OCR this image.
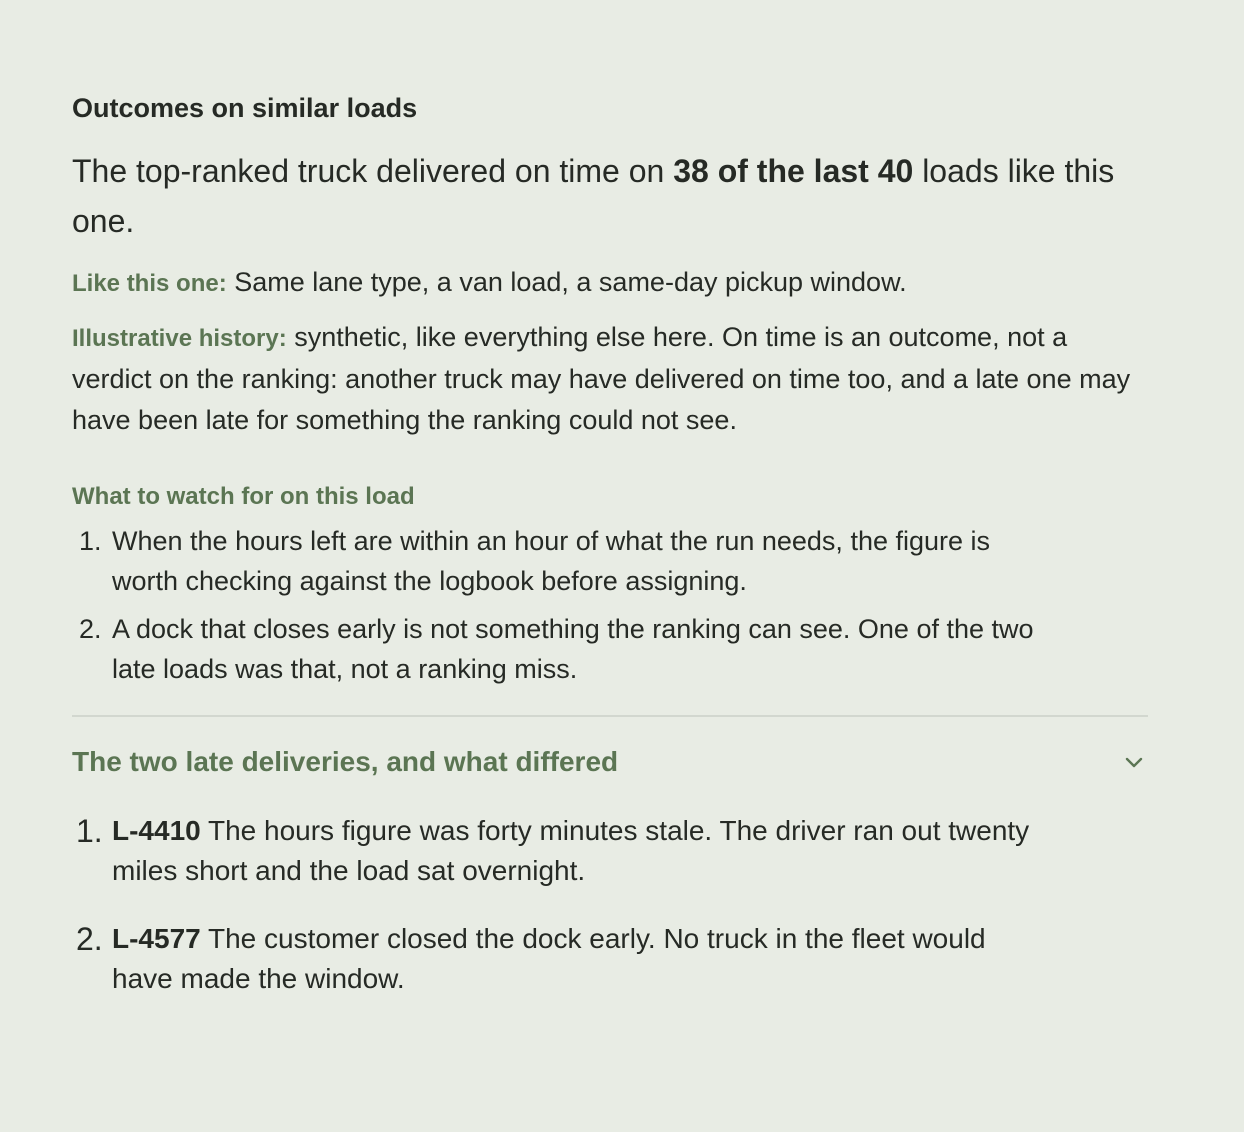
Outcomes on similar loads

The top-ranked truck delivered on time on 38 of the last 40 loads like this one.

Like this one: Same lane type, a van load, a same-day pickup window.

Illustrative history: synthetic, like everything else here. On time is an outcome, not a verdict on the ranking: another truck may have delivered on time too, and a late one may have been late for something the ranking could not see.

What to watch for on this load
1. When the hours left are within an hour of what the run needs, the figure is worth checking against the logbook before assigning.
2. A dock that closes early is not something the ranking can see. One of the two late loads was that, not a ranking miss.
The two late deliveries, and what differed
1. L-4410 The hours figure was forty minutes stale. The driver ran out twenty miles short and the load sat overnight.
2. L-4577 The customer closed the dock early. No truck in the fleet would have made the window.
